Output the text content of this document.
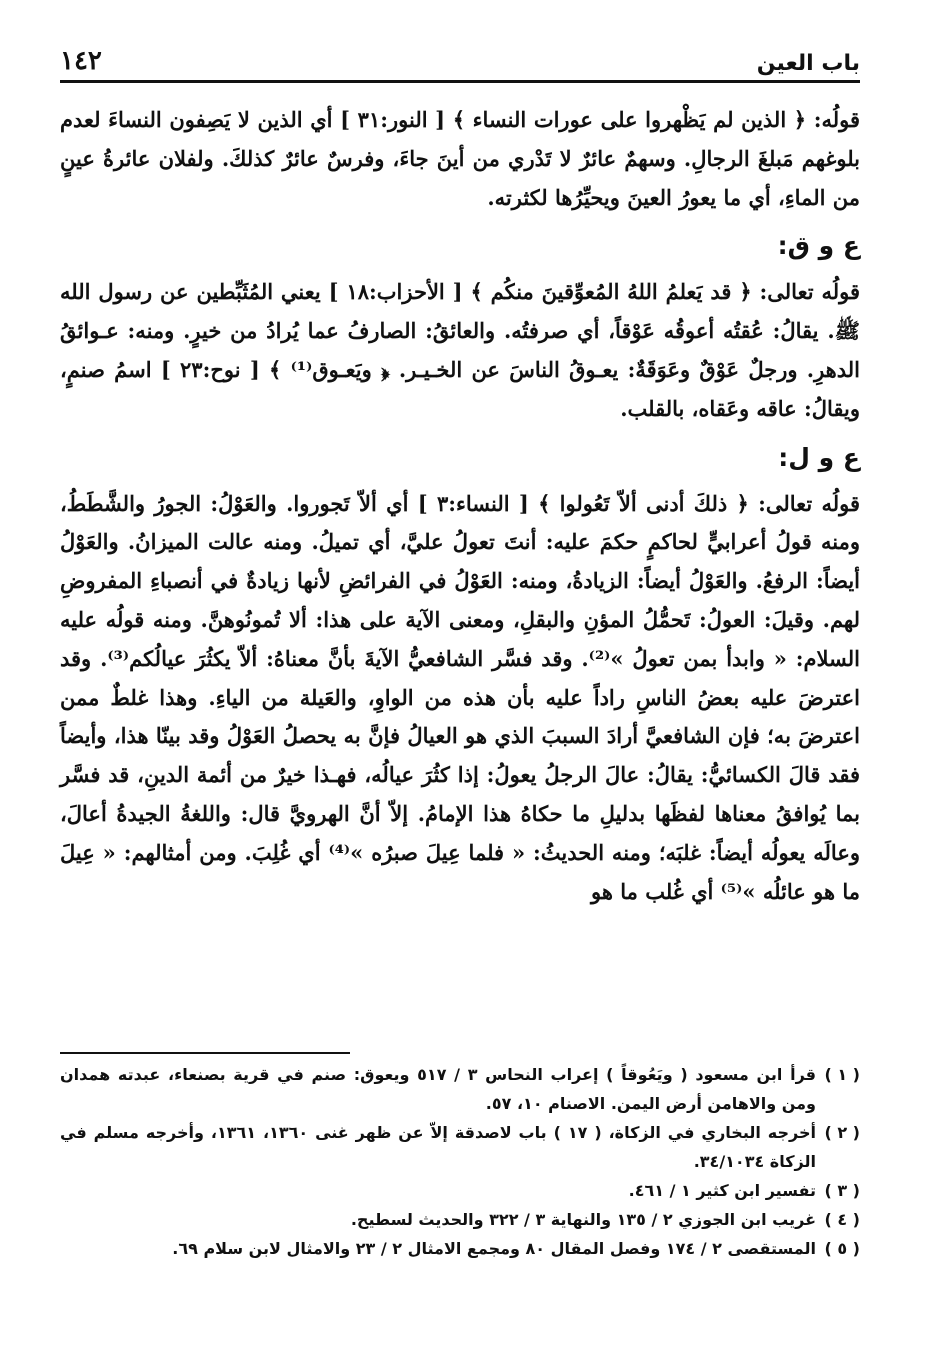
باب العين
١٤٢

قولُه: ﴿ الذين لم يَظْهروا على عورات النساء ﴾ [ النور:٣١ ] أي الذين لا يَصِفون النساءَ لعدم بلوغهم مَبلغَ الرجالِ. وسهمٌ عائرٌ لا تَدْري من أينَ جاءَ، وفرسٌ عائرٌ كذلكَ. ولفلان عائرةُ عينٍ من الماءِ، أي ما يعورُ العينَ ويحيِّرُها لكثرته.

ع و ق:

قولُه تعالى: ﴿ قد يَعلمُ اللهُ المُعوِّقينَ منكُم ﴾ [ الأحزاب:١٨ ] يعني المُثَبِّطين عن رسول الله ﷺ. يقالُ: عُقتُه أعوقُه عَوْقاً، أي صرفتُه. والعائقُ: الصارفُ عما يُرادُ من خيرٍ. ومنه: عـوائقُ الدهرِ. ورجلٌ عَوْقٌ وعَوَقَةٌ: يعـوقُ الناسَ عن الخـيـر. ﴿ ويَعـوق⁽¹⁾ ﴾ [ نوح:٢٣ ] اسمُ صنمٍ، ويقالُ: عاقه وعَقاه، بالقلب.

ع و ل:

قولُه تعالى: ﴿ ذلكَ أدنى ألاّ تَعُولوا ﴾ [ النساء:٣ ] أي ألاّ تَجوروا. والعَوْلُ: الجورُ والشَّطَطُ، ومنه قولُ أعرابيٍّ لحاكمٍ حكمَ عليه: أنتَ تعولُ عليَّ، أي تميلُ. ومنه عالت الميزانُ. والعَوْلُ أيضاً: الرفعُ. والعَوْلُ أيضاً: الزيادةُ، ومنه: العَوْلُ في الفرائضِ لأنها زيادةٌ في أنصباءِ المفروضِ لهم. وقيلَ: العولُ: تَحمُّلُ المؤنِ والبقلِ، ومعنى الآية على هذا: ألا تُمونُوهنَّ. ومنه قولُه عليه السلام: « وابدأ بمن تعولُ »⁽²⁾. وقد فسَّر الشافعيُّ الآيةَ بأنَّ معناهُ: ألاّ يكثُرَ عيالُكم⁽³⁾. وقد اعترضَ عليه بعضُ الناسِ راداً عليه بأن هذه من الواوِ، والعَيلة من الياءِ. وهذا غلطٌ ممن اعترضَ به؛ فإن الشافعيَّ أرادَ السببَ الذي هو العيالُ فإنَّ به يحصلُ العَوْلُ وقد بينّا هذا، وأيضاً فقد قالَ الكسائيُّ: يقالُ: عالَ الرجلُ يعولُ: إذا كثُرَ عيالُه، فهـذا خيرٌ من أئمة الدينِ، قد فسَّر بما يُوافقُ معناها لفظَها بدليلِ ما حكاهُ هذا الإمامُ. إلاّ أنَّ الهرويَّ قال: واللغةُ الجيدةُ أعالَ، وعالَه يعولُه أيضاً: غلبَه؛ ومنه الحديثُ: « فلما عِيلَ صبرُه »⁽⁴⁾ أي غُلِبَ. ومن أمثالهم: « عِيلَ ما هو عائلُه »⁽⁵⁾ أي غُلب ما هو

( ١ )
قرأ ابن مسعود ( ويَعُوقاً ) إعراب النحاس ٣ / ٥١٧ ويعوق: صنم في قرية بصنعاء، عبدته همدان ومن والاهامن أرض اليمن. الاصنام ١٠، ٥٧.
( ٢ )
أخرجه البخاري في الزكاة، ( ١٧ ) باب لاصدقة إلاّ عن ظهر غنى ١٣٦٠، ١٣٦١، وأخرجه مسلم في الزكاة ٣٤/١٠٣٤.
( ٣ )
تفسير ابن كثير ١ / ٤٦١.
( ٤ )
غريب ابن الجوزي ٢ / ١٣٥ والنهاية ٣ / ٣٢٢ والحديث لسطيح.
( ٥ )
المستقصى ٢ / ١٧٤ وفصل المقال ٨٠ ومجمع الامثال ٢ / ٢٣ والامثال لابن سلام ٦٩.
